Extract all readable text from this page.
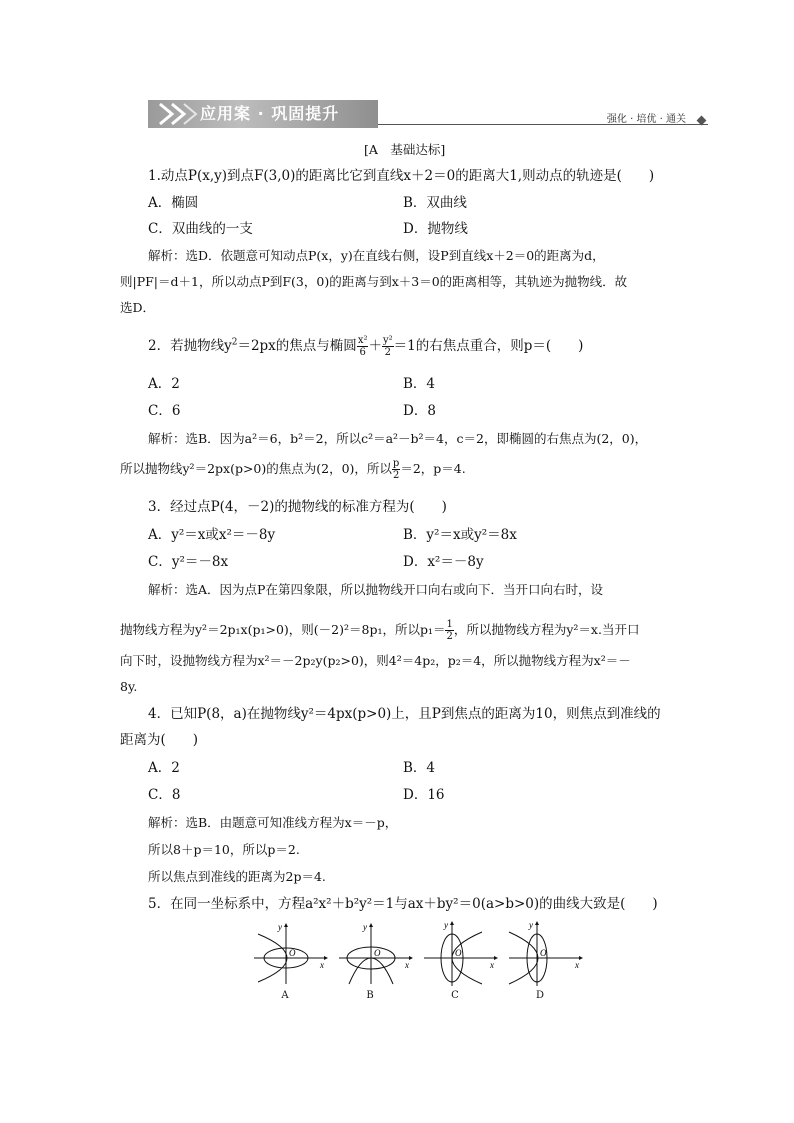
应用案 · 巩固提升	强化 · 培优 · 通关
[A　基础达标]
1.动点P(x,y)到点F(3,0)的距离比它到直线x＋2＝0的距离大1,则动点的轨迹是(　　)
A．椭圆	B．双曲线
C．双曲线的一支	D．抛物线
解析：选D．依题意可知动点P(x，y)在直线右侧，设P到直线x＋2＝0的距离为d，
则|PF|＝d＋1，所以动点P到F(3，0)的距离与到x＋3＝0的距离相等，其轨迹为抛物线．故
选D．
2．若抛物线$y^2=2px$的焦点与椭圆 $\frac{\text{x²}}{6} + \frac{\text{y²}}{2} =1$的右焦点重合，则p＝(　　)
A．2	B．4
C．6	D．8
解析：选B．因为a²＝6，b²＝2，所以c²＝a²－b²＝4，c＝2，即椭圆的右焦点为(2，0)，
所以抛物线y²＝2px(p>0)的焦点为(2，0)，所以 $\frac{p}{2} =2$，p＝4.
3．经过点P(4，－2)的抛物线的标准方程为(　　)
A．y²＝x或x²＝－8y	B．y²＝x或y²＝8x
C．y²＝－8x	D．x²＝－8y
解析：选A．因为点P在第四象限，所以抛物线开口向右或向下．当开口向右时，设
抛物线方程为y²＝2p₁x(p₁>0)，则(－2)²＝8p₁，所以$p_1= \frac{1}{2}$ ，所以抛物线方程为y²＝x.当开口
向下时，设抛物线方程为x²＝－2p₂y(p₂>0)，则4²＝4p₂，p₂＝4，所以抛物线方程为x²＝－
8y.
4．已知P(8，a)在抛物线y²＝4px(p>0)上，且P到焦点的距离为10，则焦点到准线的
距离为(　　)
A．2	B．4
C．8	D．16
解析：选B．由题意可知准线方程为x＝－p，
所以8＋p＝10，所以p＝2.
所以焦点到准线的距离为2p＝4.
5．在同一坐标系中，方程a²x²＋b²y²＝1与ax＋by²＝0(a>b>0)的曲线大致是(　　)
y
O
x
A
y
O
x
B
y
O
x
C
y
O
x
D
